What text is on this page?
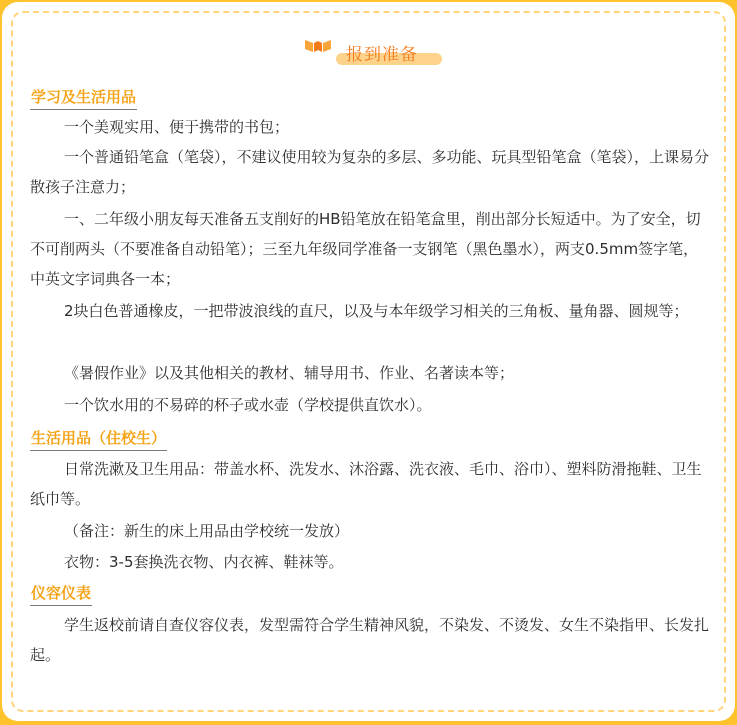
报到准备
学习及生活用品

一个美观实用、便于携带的书包；

一个普通铅笔盒（笔袋），不建议使用较为复杂的多层、多功能、玩具型铅笔盒（笔袋），上课易分散孩子注意力；

一、二年级小朋友每天准备五支削好的HB铅笔放在铅笔盒里，削出部分长短适中。为了安全，切不可削两头（不要准备自动铅笔）；三至九年级同学准备一支钢笔（黑色墨水），两支0.5mm签字笔，中英文字词典各一本；

2块白色普通橡皮，一把带波浪线的直尺，以及与本年级学习相关的三角板、量角器、圆规等；

《暑假作业》以及其他相关的教材、辅导用书、作业、名著读本等；

一个饮水用的不易碎的杯子或水壶（学校提供直饮水）。

生活用品（住校生）

日常洗漱及卫生用品：带盖水杯、洗发水、沐浴露、洗衣液、毛巾、浴巾）、塑料防滑拖鞋、卫生纸巾等。

（备注：新生的床上用品由学校统一发放）

衣物：3-5套换洗衣物、内衣裤、鞋袜等。

仪容仪表

学生返校前请自查仪容仪表，发型需符合学生精神风貌，不染发、不烫发、女生不染指甲、长发扎起。
